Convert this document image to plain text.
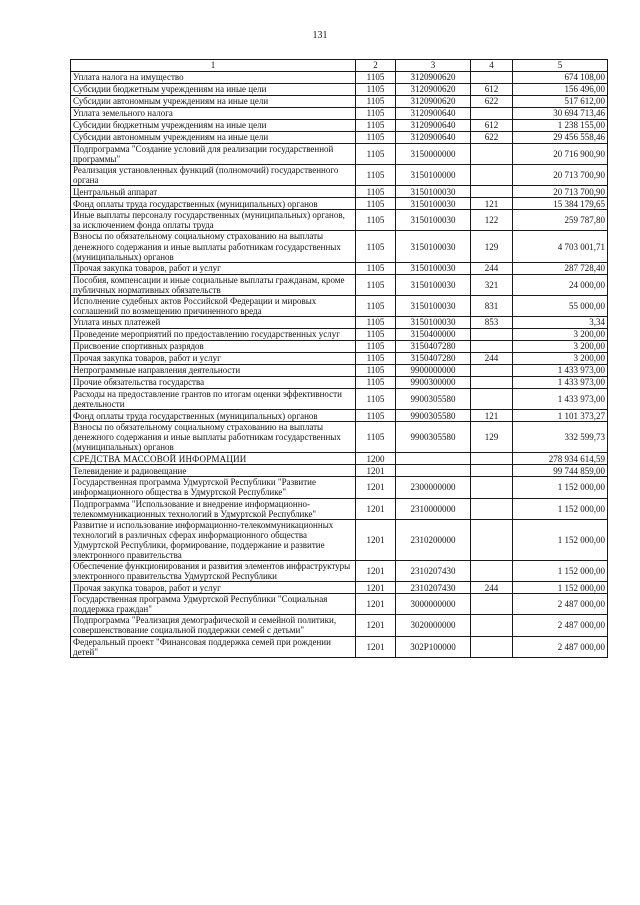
131
1	2	3	4	5
Уплата налога на имущество	1105	3120900620		674 108,00
Субсидии бюджетным учреждениям на иные цели	1105	3120900620	612	156 496,00
Субсидии автономным учреждениям на иные цели	1105	3120900620	622	517 612,00
Уплата земельного налога	1105	3120900640		30 694 713,46
Субсидии бюджетным учреждениям на иные цели	1105	3120900640	612	1 238 155,00
Субсидии автономным учреждениям на иные цели	1105	3120900640	622	29 456 558,46
Подпрограмма "Создание условий для реализации государственной программы"	1105	3150000000		20 716 900,90
Реализация установленных функций (полномочий) государственного органа	1105	3150100000		20 713 700,90
Центральный аппарат	1105	3150100030		20 713 700,90
Фонд оплаты труда государственных (муниципальных) органов	1105	3150100030	121	15 384 179,65
Иные выплаты персоналу государственных (муниципальных) органов, за исключением фонда оплаты труда	1105	3150100030	122	259 787,80
Взносы по обязательному социальному страхованию на выплаты денежного содержания и иные выплаты работникам государственных (муниципальных) органов	1105	3150100030	129	4 703 001,71
Прочая закупка товаров, работ и услуг	1105	3150100030	244	287 728,40
Пособия, компенсации и иные социальные выплаты гражданам, кроме публичных нормативных обязательств	1105	3150100030	321	24 000,00
Исполнение судебных актов Российской Федерации и мировых соглашений по возмещению причиненного вреда	1105	3150100030	831	55 000,00
Уплата иных платежей	1105	3150100030	853	3,34
Проведение мероприятий по предоставлению государственных услуг	1105	3150400000		3 200,00
Присвоение спортивных разрядов	1105	3150407280		3 200,00
Прочая закупка товаров, работ и услуг	1105	3150407280	244	3 200,00
Непрограммные направления деятельности	1105	9900000000		1 433 973,00
Прочие обязательства государства	1105	9900300000		1 433 973,00
Расходы на предоставление грантов по итогам оценки эффективности деятельности	1105	9900305580		1 433 973,00
Фонд оплаты труда государственных (муниципальных) органов	1105	9900305580	121	1 101 373,27
Взносы по обязательному социальному страхованию на выплаты денежного содержания и иные выплаты работникам государственных (муниципальных) органов	1105	9900305580	129	332 599,73
СРЕДСТВА МАССОВОЙ ИНФОРМАЦИИ	1200			278 934 614,59
Телевидение и радиовещание	1201			99 744 859,00
Государственная программа Удмуртской Республики "Развитие информационного общества в Удмуртской Республике"	1201	2300000000		1 152 000,00
Подпрограмма "Использование и внедрение информационно-телекоммуникационных технологий в Удмуртской Республике"	1201	2310000000		1 152 000,00
Развитие и использование информационно-телекоммуникационных технологий в различных сферах информационного общества Удмуртской Республики, формирование, поддержание и развитие электронного правительства	1201	2310200000		1 152 000,00
Обеспечение функционирования и развития элементов инфраструктуры электронного правительства Удмуртской Республики	1201	2310207430		1 152 000,00
Прочая закупка товаров, работ и услуг	1201	2310207430	244	1 152 000,00
Государственная программа Удмуртской Республики "Социальная поддержка граждан"	1201	3000000000		2 487 000,00
Подпрограмма "Реализация демографической и семейной политики, совершенствование социальной поддержки семей с детьми"	1201	3020000000		2 487 000,00
Федеральный проект "Финансовая поддержка семей при рождении детей"	1201	302P100000		2 487 000,00
